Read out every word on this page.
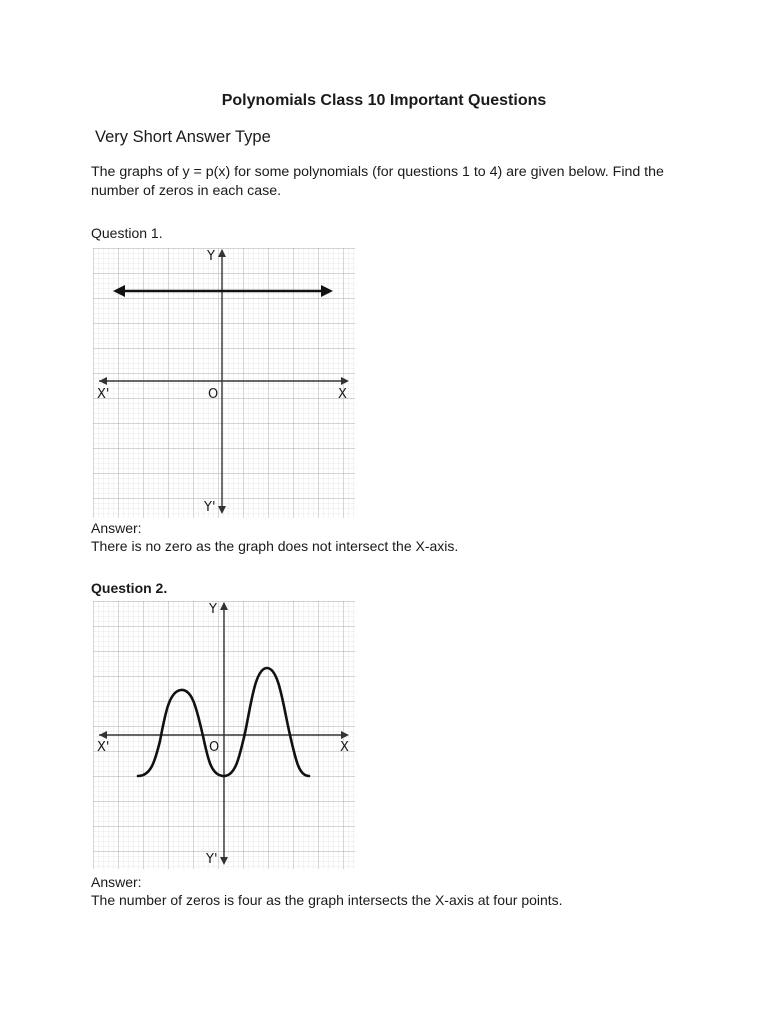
Polynomials Class 10 Important Questions
Very Short Answer Type
The graphs of y = p(x) for some polynomials (for questions 1 to 4) are given below. Find the number of zeros in each case.
Question 1.
Y
Y'
X
X'	O
Answer:
There is no zero as the graph does not intersect the X-axis.
Question 2.
Y
Y'
X
X'	O
Answer:
The number of zeros is four as the graph intersects the X-axis at four points.
